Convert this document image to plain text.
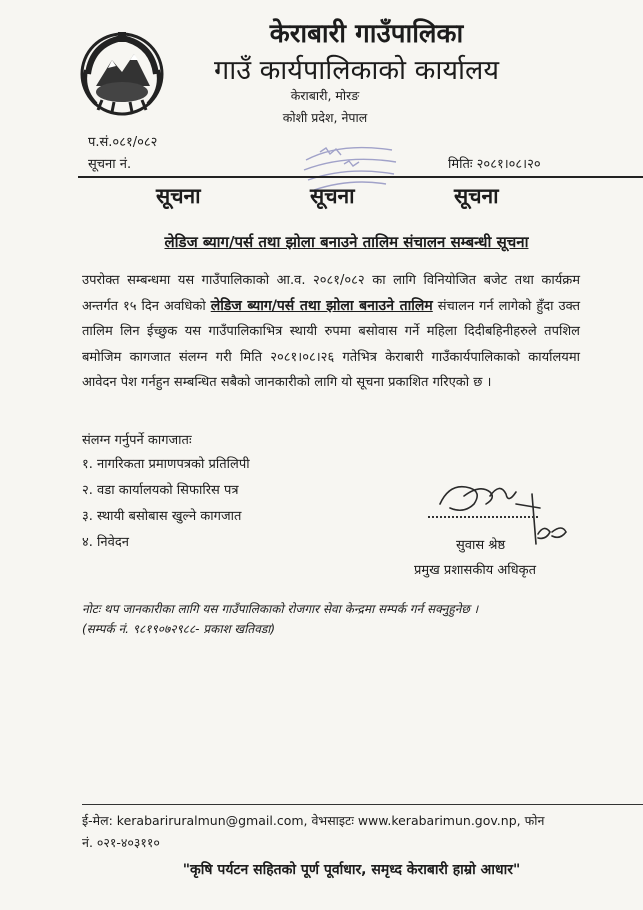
केराबारी गाउँपालिका
गाउँ कार्यपालिकाको कार्यालय
केराबारी, मोरङ
कोशी प्रदेश, नेपाल
प.सं.०८१/०८२
सूचना नं.	मितिः २०८१।०८।२०
सूचना	सूचना	सूचना
लेडिज ब्याग/पर्स तथा झोला बनाउने तालिम संचालन सम्बन्धी सूचना
उपरोक्त सम्बन्धमा यस गाउँपालिकाको आ.व. २०८१/०८२ का लागि विनियोजित बजेट तथा कार्यक्रम अन्तर्गत १५ दिन अवधिको लेडिज ब्याग/पर्स तथा झोला बनाउने तालिम संचालन गर्न लागेको हुँदा उक्त तालिम लिन ईच्छुक यस गाउँपालिकाभित्र स्थायी रुपमा बसोवास गर्ने महिला दिदीबहिनीहरुले तपशिल बमोजिम कागजात संलग्न गरी मिति २०८१।०८।२६ गतेभित्र केराबारी गाउँकार्यपालिकाको कार्यालयमा आवेदन पेश गर्नहुन सम्बन्धित सबैको जानकारीको लागि यो सूचना प्रकाशित गरिएको छ ।
संलग्न गर्नुपर्ने कागजातः
१. नागरिकता प्रमाणपत्रको प्रतिलिपी
२. वडा कार्यालयको सिफारिस पत्र
३. स्थायी बसोबास खुल्ने कागजात
४. निवेदन	सुवास श्रेष्ठ
प्रमुख प्रशासकीय अधिकृत
नोटः थप जानकारीका लागि यस गाउँपालिकाको रोजगार सेवा केन्द्रमा सम्पर्क गर्न सक्नुहुनेछ ।
(सम्पर्क नं. ९८१९०७२९८८- प्रकाश खतिवडा)
ई-मेल: kerabariruralmun@gmail.com, वेभसाइटः www.kerabarimun.gov.np, फोन नं. ०२१-४०३११०
"कृषि पर्यटन सहितको पूर्ण पूर्वाधार, समृध्द केराबारी हाम्रो आधार"
